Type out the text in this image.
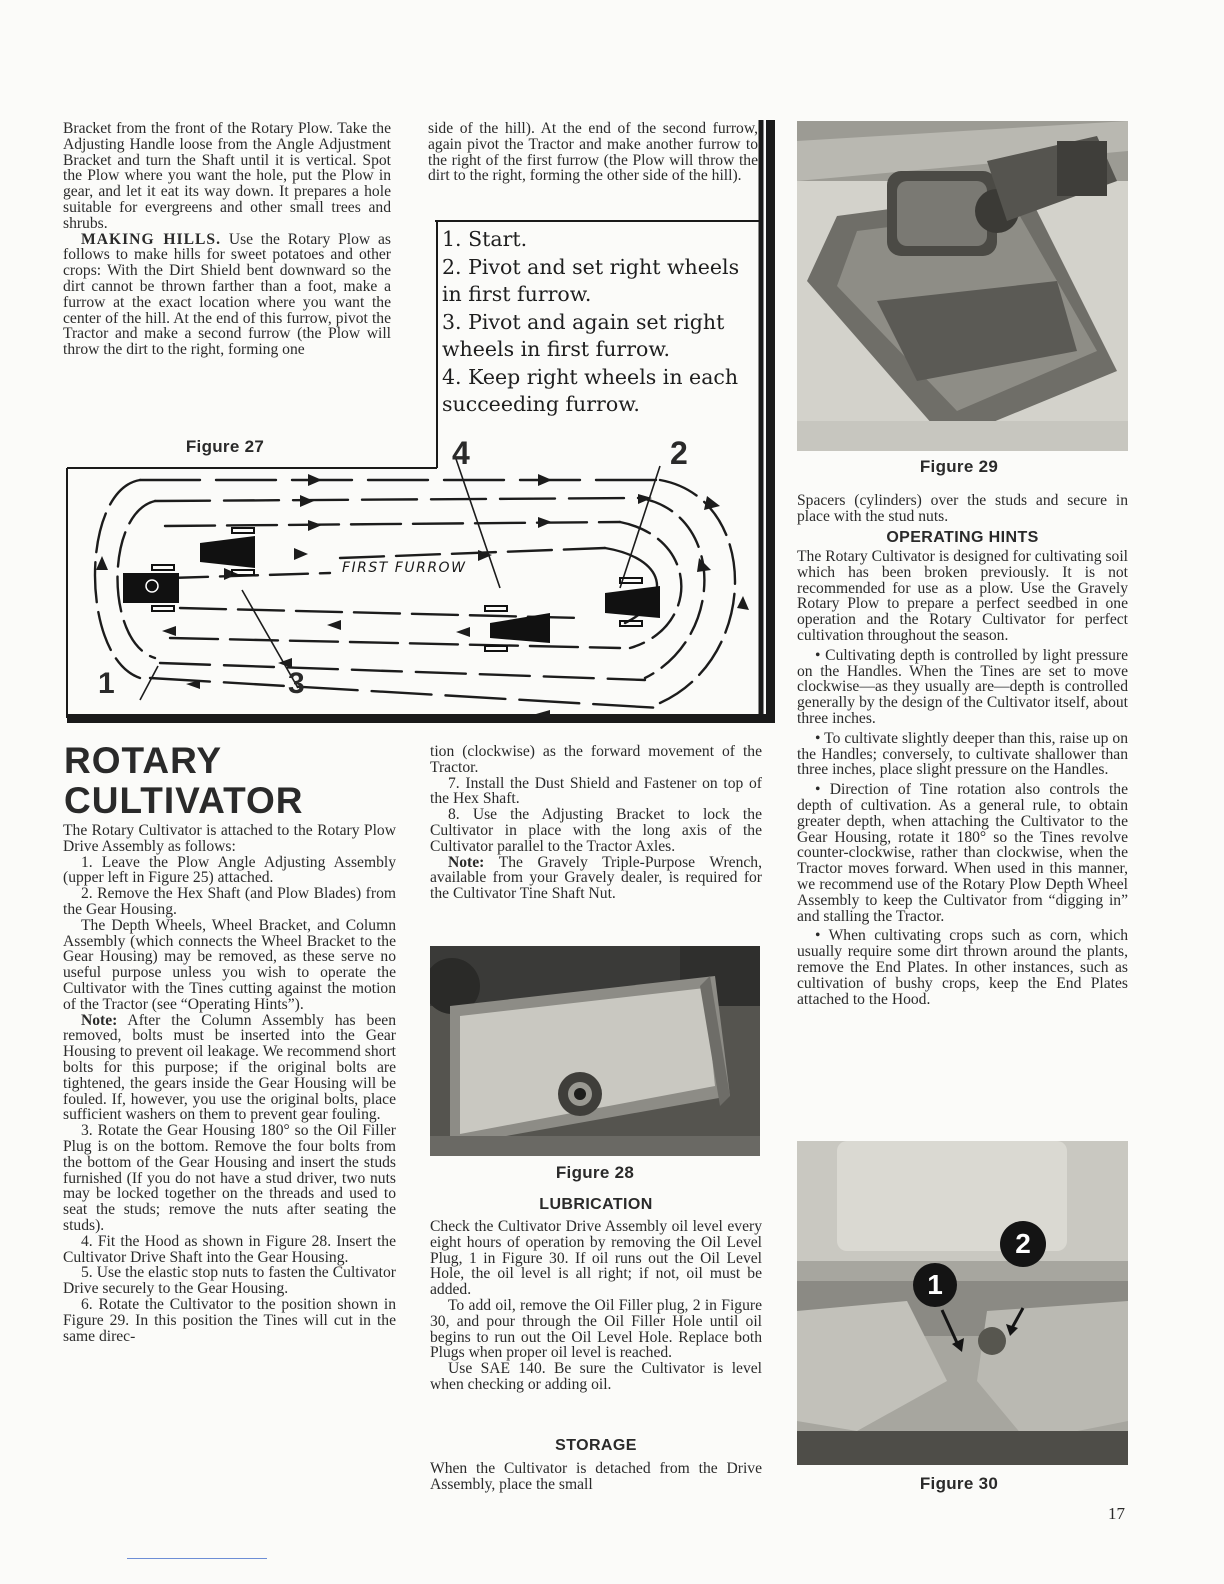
Bracket from the front of the Rotary Plow. Take the Adjusting Handle loose from the Angle Adjustment Bracket and turn the Shaft until it is vertical. Spot the Plow where you want the hole, put the Plow in gear, and let it eat its way down. It prepares a hole suitable for evergreens and other small trees and shrubs.

MAKING HILLS. Use the Rotary Plow as follows to make hills for sweet potatoes and other crops: With the Dirt Shield bent downward so the dirt cannot be thrown farther than a foot, make a furrow at the exact location where you want the center of the hill. At the end of this furrow, pivot the Tractor and make a second furrow (the Plow will throw the dirt to the right, forming one

side of the hill). At the end of the second furrow, again pivot the Tractor and make another furrow to the right of the first furrow (the Plow will throw the dirt to the right, forming the other side of the hill).

Figure 27
1. Start.
2. Pivot and set right wheels in first furrow.
3. Pivot and again set right wheels in first furrow.
4. Keep right wheels in each succeeding furrow.
FIRST FURROW
1
2
3
4
ROTARY
CULTIVATOR

The Rotary Cultivator is attached to the Rotary Plow Drive Assembly as follows:

1. Leave the Plow Angle Adjusting Assembly (upper left in Figure 25) attached.

2. Remove the Hex Shaft (and Plow Blades) from the Gear Housing.

The Depth Wheels, Wheel Bracket, and Column Assembly (which connects the Wheel Bracket to the Gear Housing) may be removed, as these serve no useful purpose unless you wish to operate the Cultivator with the Tines cutting against the motion of the Tractor (see “Operating Hints”).

Note: After the Column Assembly has been removed, bolts must be inserted into the Gear Housing to prevent oil leakage. We recommend short bolts for this purpose; if the original bolts are tightened, the gears inside the Gear Housing will be fouled. If, however, you use the original bolts, place sufficient washers on them to prevent gear fouling.

3. Rotate the Gear Housing 180° so the Oil Filler Plug is on the bottom. Remove the four bolts from the bottom of the Gear Housing and insert the studs furnished (If you do not have a stud driver, two nuts may be locked together on the threads and used to seat the studs; remove the nuts after seating the studs).

4. Fit the Hood as shown in Figure 28. Insert the Cultivator Drive Shaft into the Gear Housing.

5. Use the elastic stop nuts to fasten the Cultivator Drive securely to the Gear Housing.

6. Rotate the Cultivator to the position shown in Figure 29. In this position the Tines will cut in the same direc-

tion (clockwise) as the forward movement of the Tractor.

7. Install the Dust Shield and Fastener on top of the Hex Shaft.

8. Use the Adjusting Bracket to lock the Cultivator in place with the long axis of the Cultivator parallel to the Tractor Axles.

Note: The Gravely Triple-Purpose Wrench, available from your Gravely dealer, is required for the Cultivator Tine Shaft Nut.

Figure 28
LUBRICATION

Check the Cultivator Drive Assembly oil level every eight hours of operation by removing the Oil Level Plug, 1 in Figure 30. If oil runs out the Oil Level Hole, the oil level is all right; if not, oil must be added.

To add oil, remove the Oil Filler plug, 2 in Figure 30, and pour through the Oil Filler Hole until oil begins to run out the Oil Level Hole. Replace both Plugs when proper oil level is reached.

Use SAE 140. Be sure the Cultivator is level when checking or adding oil.

STORAGE

When the Cultivator is detached from the Drive Assembly, place the small

Figure 29

Spacers (cylinders) over the studs and secure in place with the stud nuts.

OPERATING HINTS

The Rotary Cultivator is designed for cultivating soil which has been broken previously. It is not recommended for use as a plow. Use the Gravely Rotary Plow to prepare a perfect seedbed in one operation and the Rotary Cultivator for perfect cultivation throughout the season.

• Cultivating depth is controlled by light pressure on the Handles. When the Tines are set to move clockwise—as they usually are—depth is controlled generally by the design of the Cultivator itself, about three inches.

• To cultivate slightly deeper than this, raise up on the Handles; conversely, to cultivate shallower than three inches, place slight pressure on the Handles.

• Direction of Tine rotation also controls the depth of cultivation. As a general rule, to obtain greater depth, when attaching the Cultivator to the Gear Housing, rotate it 180° so the Tines revolve counter-clockwise, rather than clockwise, when the Tractor moves forward. When used in this manner, we recommend use of the Rotary Plow Depth Wheel Assembly to keep the Cultivator from “digging in” and stalling the Tractor.

• When cultivating crops such as corn, which usually require some dirt thrown around the plants, remove the End Plates. In other instances, such as cultivation of bushy crops, keep the End Plates attached to the Hood.

1
2
Figure 30
17
